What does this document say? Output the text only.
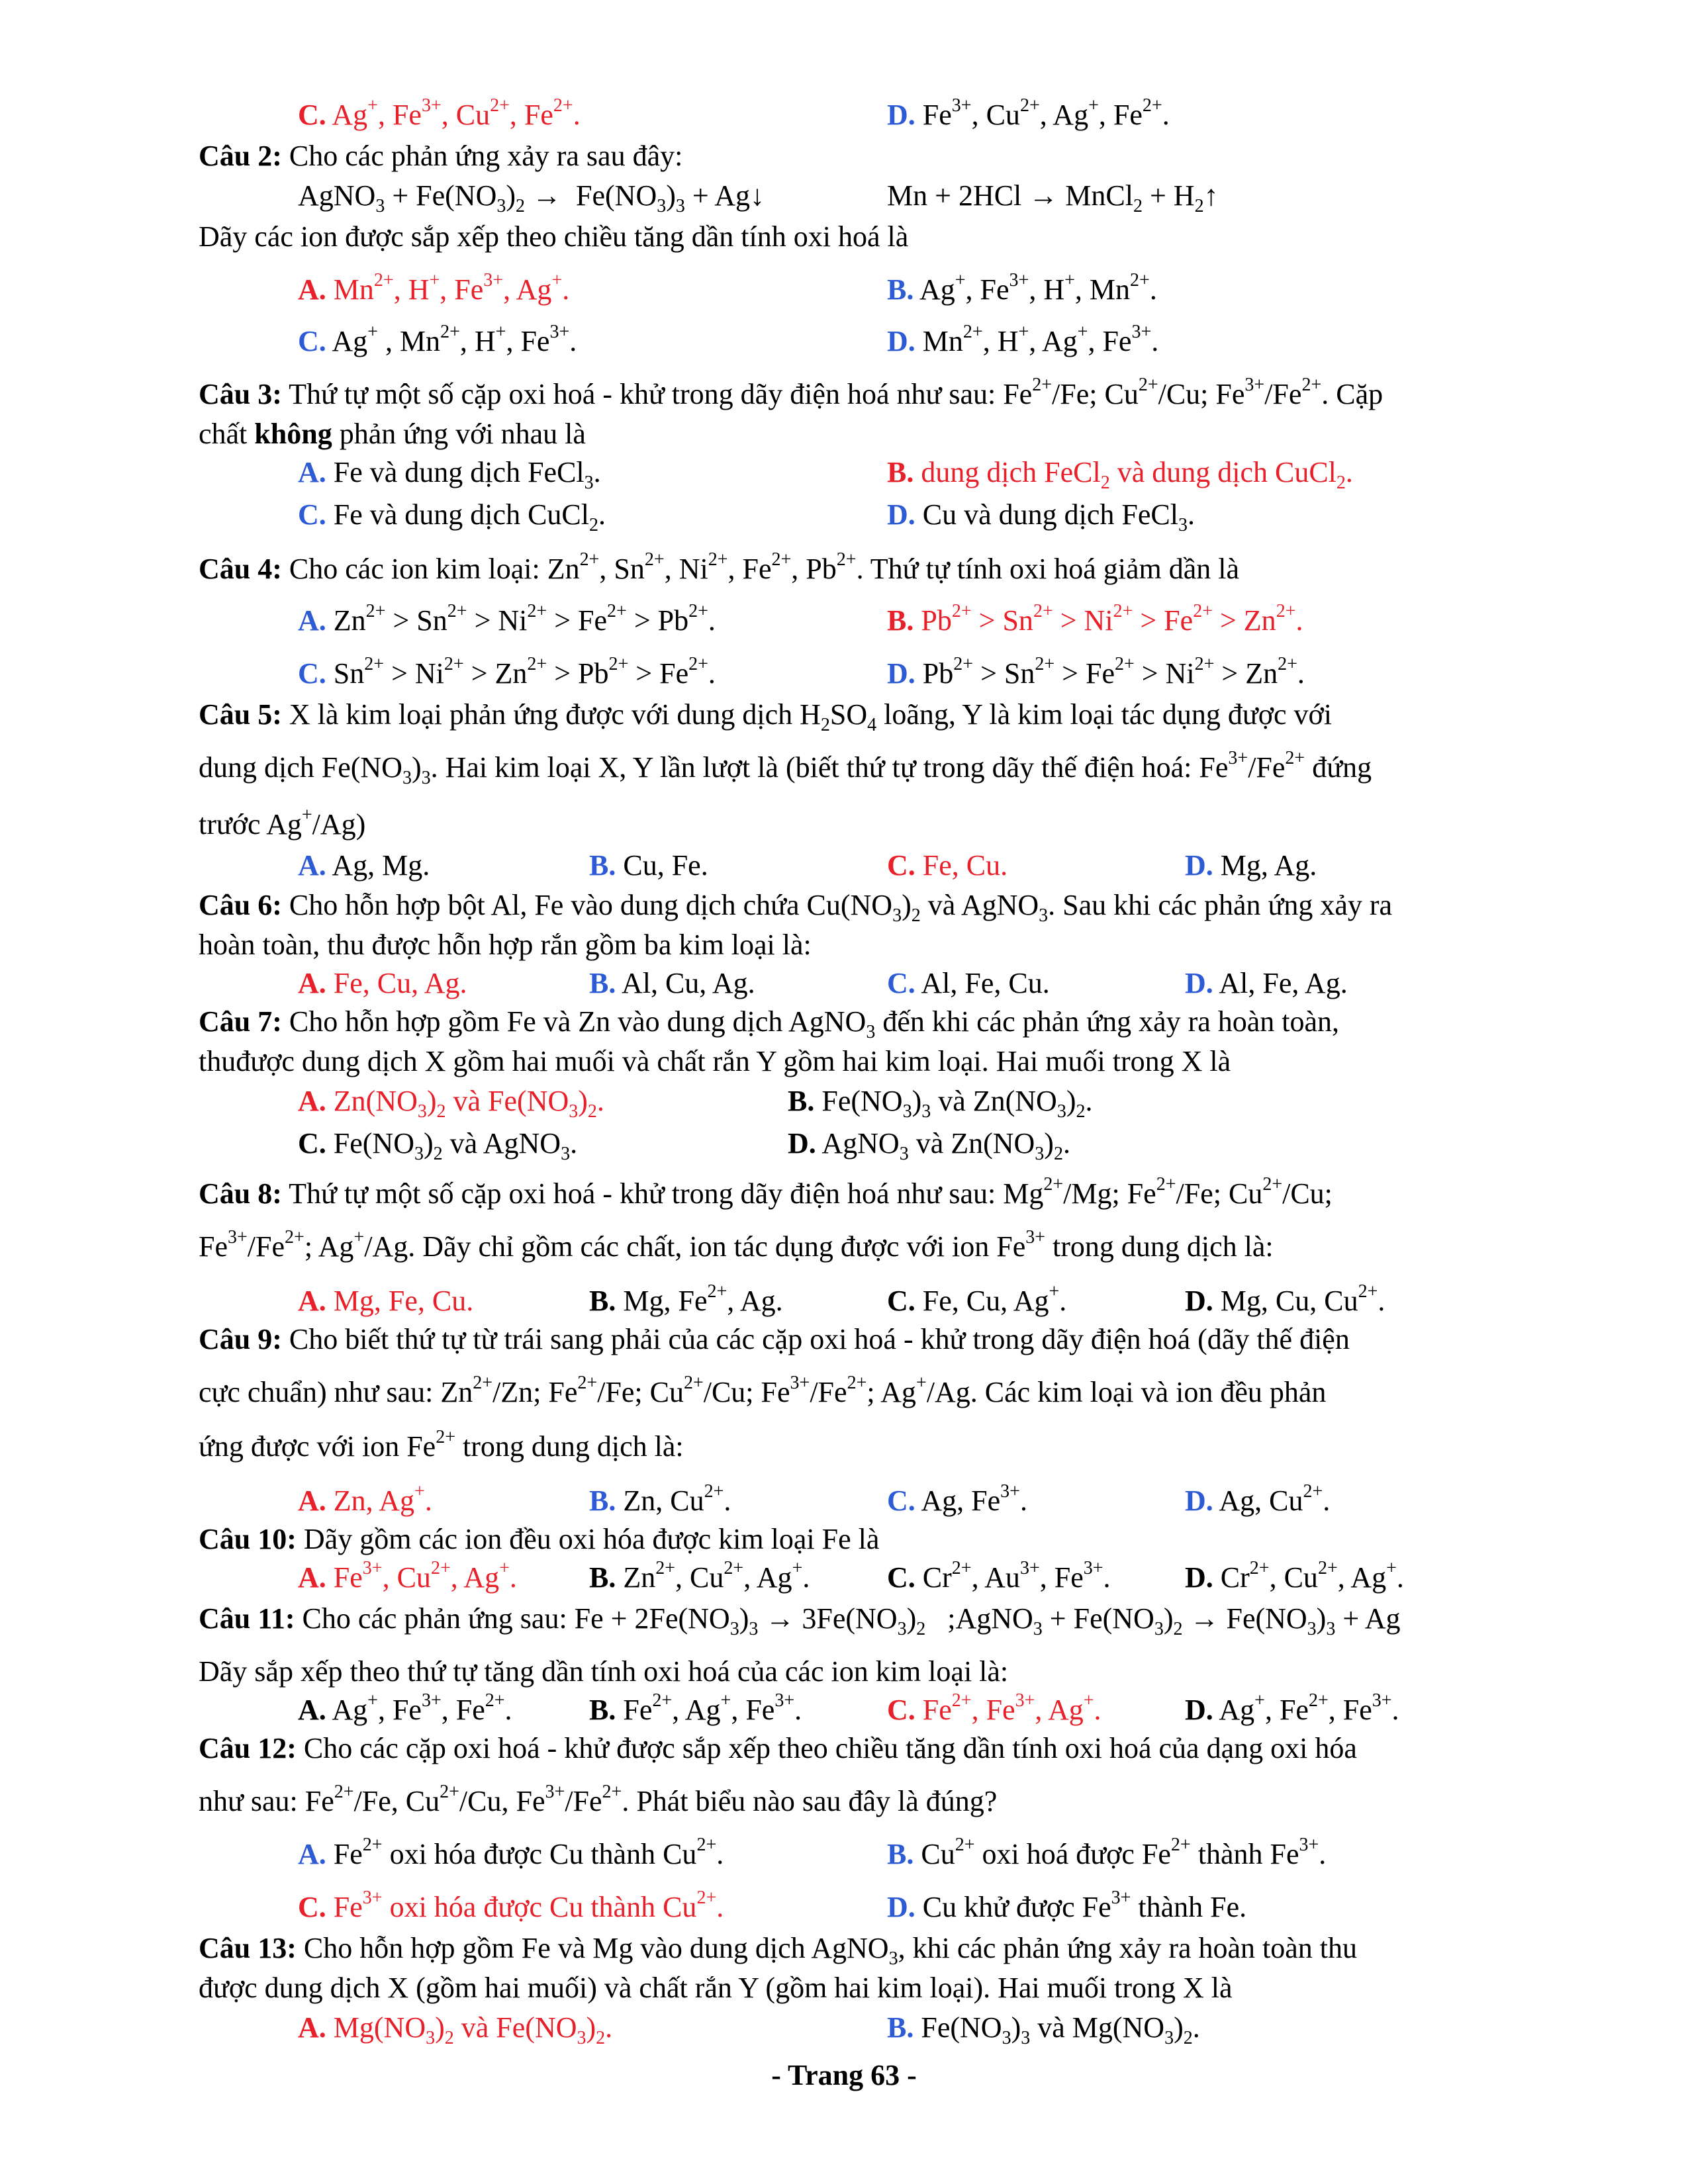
C. Ag+, $Fe^{3+}$, $Cu^{2+}$, $Fe^{2+}$.	D. $Fe^{3+}$, $Cu^{2+}$, Ag+, $Fe^{2+}$.
Câu 2: Cho các phản ứng xảy ra sau đây:
AgNO$_3$ + $Fe(NO_3)_2 \to Fe(NO_3)_3$ + Ag↓	Mn + 2HCl → MnCl$_2$ + $H_2↑$
Dãy các ion được sắp xếp theo chiều tăng dần tính oxi hoá là
A. $Mn^{2+}$, H+, $Fe^{3+}$, Ag+.	B. Ag+, $Fe^{3+}$, H+, $Mn^{2+}$.
C. Ag+ , $Mn^{2+}$, H+, $Fe^{3+}$.	D. $Mn^{2+}$, H+, Ag+, $Fe^{3+}$.
Câu 3: Thứ tự một số cặp oxi hoá - khử trong dãy điện hoá như sau: $Fe^{2+}/Fe$; $Cu^{2+}/Cu$; $Fe^{3+}/Fe^{2+}$. Cặp
chất không phản ứng với nhau là
A. Fe và dung dịch FeCl$_3$.	B. dung dịch FeCl$_2$ và dung dịch CuCl$_2$.
C. Fe và dung dịch CuCl$_2$.	D. Cu và dung dịch FeCl$_3$.
Câu 4: Cho các ion kim loại: $Zn^{2+}$, $Sn^{2+}$, $Ni^{2+}$, $Fe^{2+}$, $Pb^{2+}$. Thứ tự tính oxi hoá giảm dần là
A. $Zn^{2+} > Sn^{2+} > Ni^{2+} > Fe^{2+} > Pb^{2+}$.	B. $Pb^{2+} > Sn^{2+} > Ni^{2+} > Fe^{2+} > Zn^{2+}$.
C. $Sn^{2+} > Ni^{2+} > Zn^{2+} > Pb^{2+} > Fe^{2+}$.	D. $Pb^{2+} > Sn^{2+} > Fe^{2+} > Ni^{2+} > Zn^{2+}$.
Câu 5: X là kim loại phản ứng được với dung dịch $H_2SO_4$ loãng, Y là kim loại tác dụng được với
dung dịch $Fe(NO_3)_3$. Hai kim loại X, Y lần lượt là (biết thứ tự trong dãy thế điện hoá: $Fe^{3+}/Fe^{2+}$ đứng
trước Ag+/Ag)
A. Ag, Mg.	B. Cu, Fe.	C. Fe, Cu.	D. Mg, Ag.
Câu 6: Cho hỗn hợp bột Al, Fe vào dung dịch chứa $Cu(NO_3)_2$ và AgNO$_3$. Sau khi các phản ứng xảy ra
hoàn toàn, thu được hỗn hợp rắn gồm ba kim loại là:
A. Fe, Cu, Ag.	B. Al, Cu, Ag.	C. Al, Fe, Cu.	D. Al, Fe, Ag.
Câu 7: Cho hỗn hợp gồm Fe và Zn vào dung dịch AgNO$_3$ đến khi các phản ứng xảy ra hoàn toàn,
thuđược dung dịch X gồm hai muối và chất rắn Y gồm hai kim loại. Hai muối trong X là
A. $Zn(NO_3)_2$ và $Fe(NO_3)_2$.	B. $Fe(NO_3)_3$ và $Zn(NO_3)_2$.
C. $Fe(NO_3)_2$ và AgNO$_3$.	D. AgNO$_3$ và $Zn(NO_3)_2$.
Câu 8: Thứ tự một số cặp oxi hoá - khử trong dãy điện hoá như sau: $Mg^{2+}/Mg$; $Fe^{2+}/Fe$; $Cu^{2+}/Cu$;
$Fe^{3+}/Fe^{2+}$; Ag+/Ag. Dãy chỉ gồm các chất, ion tác dụng được với ion $Fe^{3+}$ trong dung dịch là:
A. Mg, Fe, Cu.	B. Mg, $Fe^{2+}$, Ag.	C. Fe, Cu, Ag+.	D. Mg, Cu, $Cu^{2+}$.
Câu 9: Cho biết thứ tự từ trái sang phải của các cặp oxi hoá - khử trong dãy điện hoá (dãy thế điện
cực chuẩn) như sau: $Zn^{2+}/Zn$; $Fe^{2+}/Fe$; $Cu^{2+}/Cu$; $Fe^{3+}/Fe^{2+}$; Ag+/Ag. Các kim loại và ion đều phản
ứng được với ion $Fe^{2+}$ trong dung dịch là:
A. Zn, Ag+.	B. Zn, $Cu^{2+}$.	C. Ag, $Fe^{3+}$.	D. Ag, $Cu^{2+}$.
Câu 10: Dãy gồm các ion đều oxi hóa được kim loại Fe là
A. $Fe^{3+}$, $Cu^{2+}$, Ag+. B. $Zn^{2+}$, $Cu^{2+}$, Ag+.	C. $Cr^{2+}$, $Au^{3+}$, $Fe^{3+}$.	D. $Cr^{2+}$, $Cu^{2+}$, Ag+.
Câu 11: Cho các phản ứng sau: $Fe + 2Fe(NO_3)_3 \to 3Fe(NO_3)_2$   ;AgNO$_3$ + $Fe(NO_3)_2 \to Fe(NO_3)_3 + Ag$
Dãy sắp xếp theo thứ tự tăng dần tính oxi hoá của các ion kim loại là:
A. Ag+, $Fe^{3+}$, $Fe^{2+}$.	B. $Fe^{2+}$, Ag+, $Fe^{3+}$.	C. $Fe^{2+}$, $Fe^{3+}$, Ag+.	D. Ag+, $Fe^{2+}$, $Fe^{3+}$.
Câu 12: Cho các cặp oxi hoá - khử được sắp xếp theo chiều tăng dần tính oxi hoá của dạng oxi hóa
như sau: $Fe^{2+}/Fe$, $Cu^{2+}/Cu$, $Fe^{3+}/Fe^{2+}$. Phát biểu nào sau đây là đúng?
A. $Fe^{2+}$ oxi hóa được Cu thành $Cu^{2+}$.	B. $Cu^{2+}$ oxi hoá được $Fe^{2+}$ thành $Fe^{3+}$.
C. $Fe^{3+}$ oxi hóa được Cu thành $Cu^{2+}$.	D. Cu khử được $Fe^{3+}$ thành Fe.
Câu 13: Cho hỗn hợp gồm Fe và Mg vào dung dịch AgNO$_3$, khi các phản ứng xảy ra hoàn toàn thu
được dung dịch X (gồm hai muối) và chất rắn Y (gồm hai kim loại). Hai muối trong X là
A. $Mg(NO_3)_2$ và $Fe(NO_3)_2$.	B. $Fe(NO_3)_3$ và $Mg(NO_3)_2$.
- Trang 63 -
